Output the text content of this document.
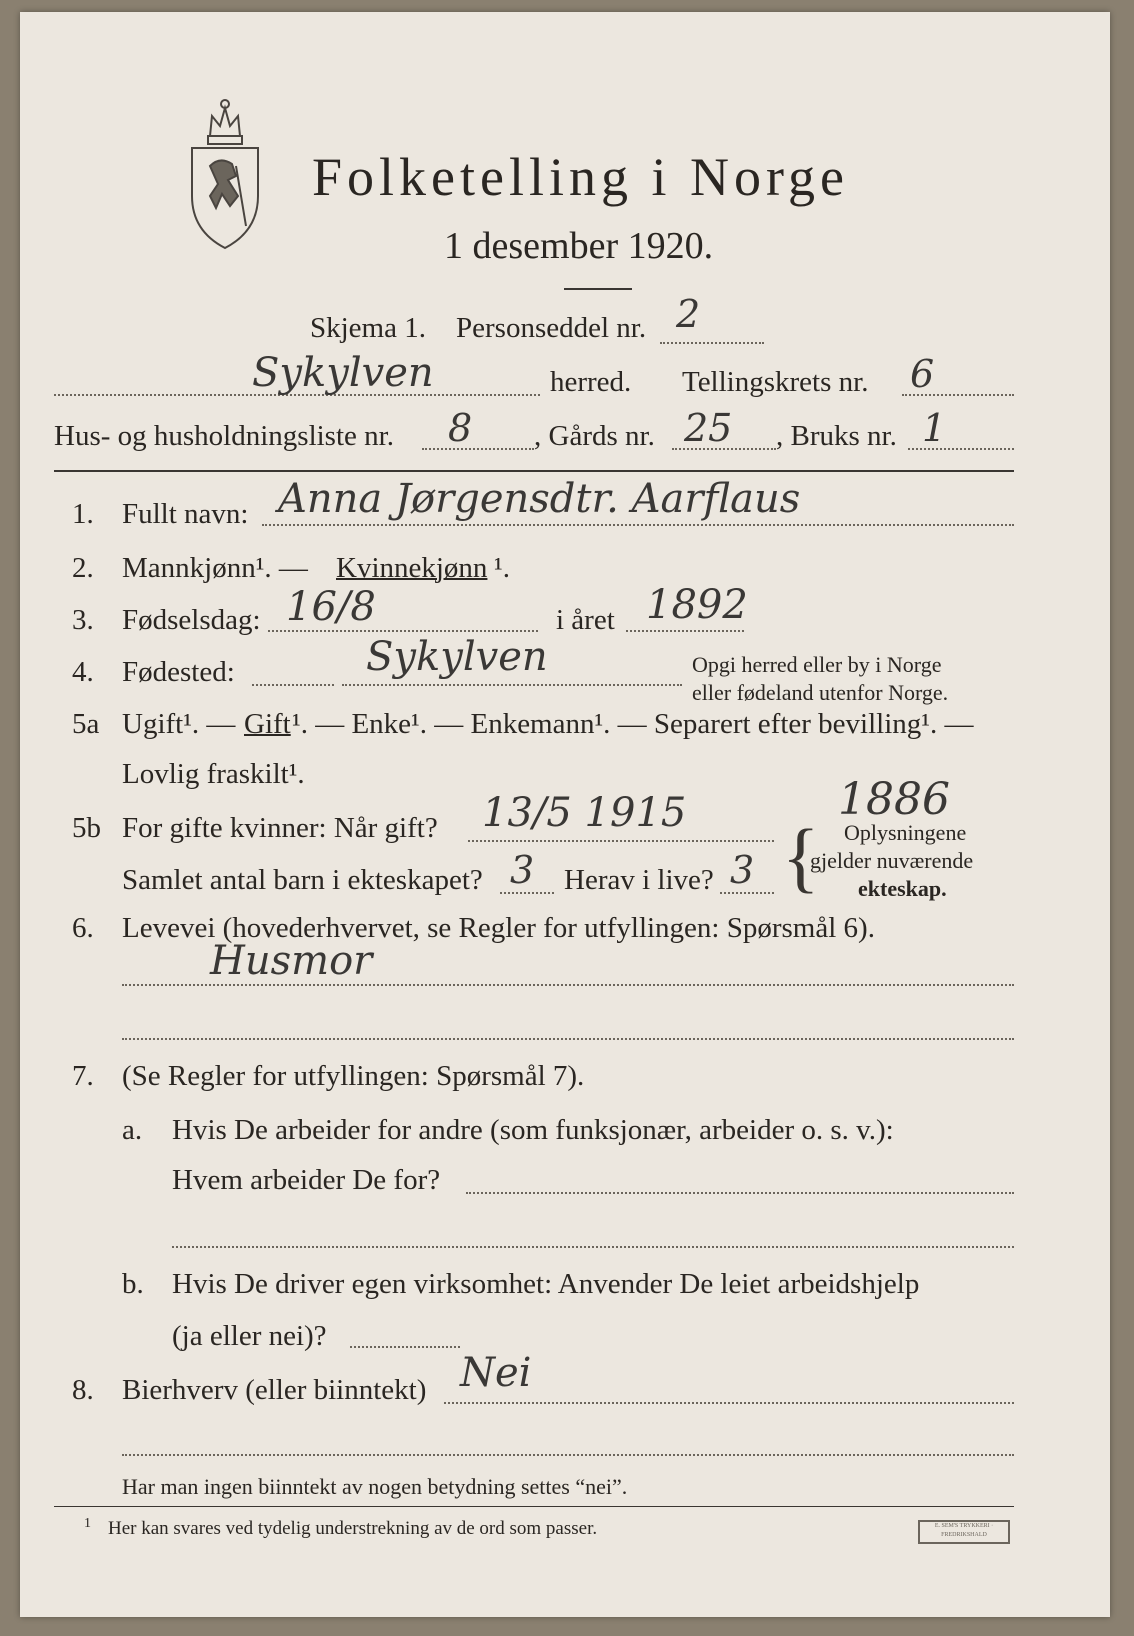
Folketelling i Norge
1 desember 1920.
Skjema 1. Personseddel nr. 2
Sykylven	herred. Tellingskrets nr. 6
Hus- og husholdningsliste nr. 8 , Gårds nr. 25 , Bruks nr. 1
1. Fullt navn: Anna Jørgensdtr. Aarflaus
2. Mannkjønn¹. — Kvinnekjønn ¹.
3. Fødselsdag: 16/8	i året 1892
4. Fødested:	Sykylven	Opgi herred eller by i Norge
eller fødeland utenfor Norge.
5a Ugift¹. — Gift ¹. — Enke¹. — Enkemann¹. — Separert efter bevilling¹. —
Lovlig fraskilt¹.
5b For gifte kvinner: Når gift? 13/5 1915
Samlet antal barn i ekteskapet? 3 Herav i live? 3 {
1886
Oplysningene
gjelder nuværende
ekteskap.
6. Levevei (hovederhvervet, se Regler for utfyllingen: Spørsmål 6).
Husmor
7. (Se Regler for utfyllingen: Spørsmål 7).
a. Hvis De arbeider for andre (som funksjonær, arbeider o. s. v.):
Hvem arbeider De for?
b. Hvis De driver egen virksomhet: Anvender De leiet arbeidshjelp
(ja eller nei)?
8. Bierhverv (eller biinntekt) Nei
Har man ingen biinntekt av nogen betydning settes “nei”.
1 Her kan svares ved tydelig understrekning av de ord som passer.	E. SEM'S TRYKKERI · FREDRIKSHALD
